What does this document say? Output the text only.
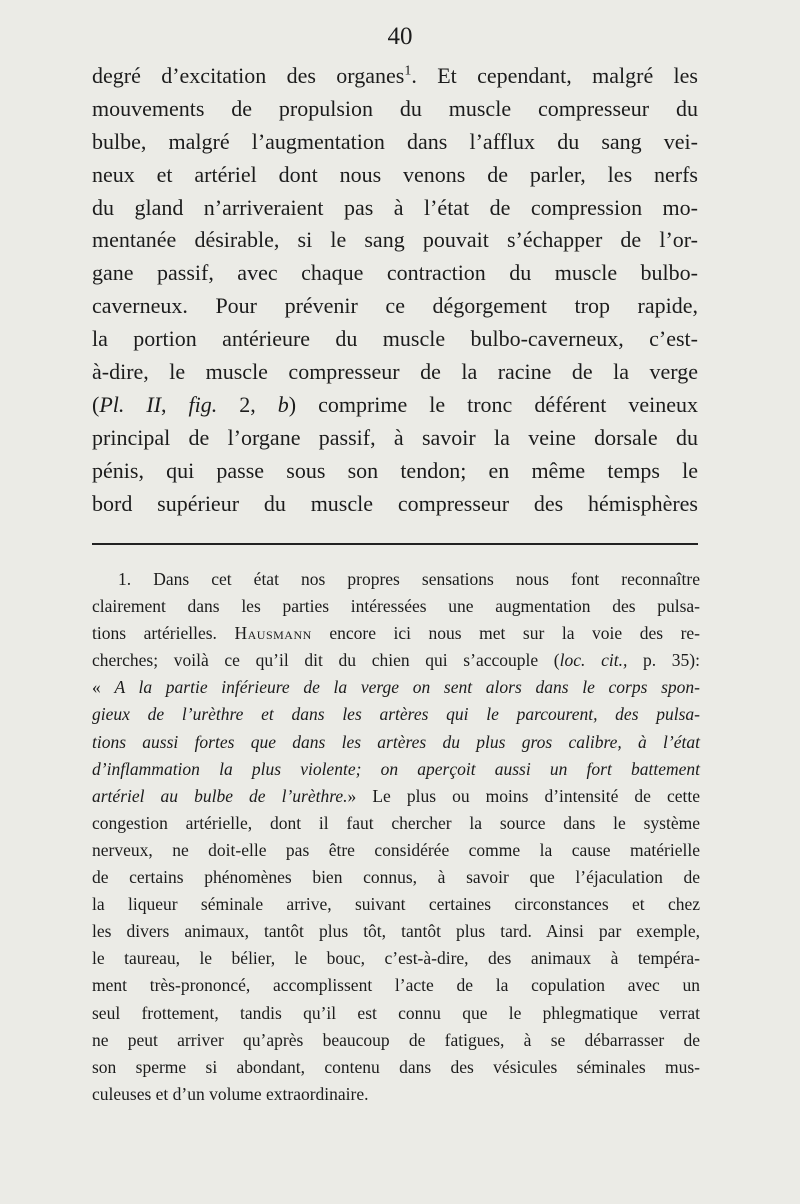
40
degré d’excitation des organes$^1$. Et cependant, malgré les
mouvements de propulsion du muscle compresseur du
bulbe, malgré l’augmentation dans l’afflux du sang vei-
neux et artériel dont nous venons de parler, les nerfs
du gland n’arriveraient pas à l’état de compression mo-
mentanée désirable, si le sang pouvait s’échapper de l’or-
gane passif, avec chaque contraction du muscle bulbo-
caverneux. Pour prévenir ce dégorgement trop rapide,
la portion antérieure du muscle bulbo-caverneux, c’est-
à-dire, le muscle compresseur de la racine de la verge
(Pl. II, fig. 2, b) comprime le tronc déférent veineux
principal de l’organe passif, à savoir la veine dorsale du
pénis, qui passe sous son tendon; en même temps le
bord supérieur du muscle compresseur des hémisphères
1. Dans cet état nos propres sensations nous font reconnaître
clairement dans les parties intéressées une augmentation des pulsa-
tions artérielles. Hausmann encore ici nous met sur la voie des re-
cherches; voilà ce qu’il dit du chien qui s’accouple (loc. cit., p. 35):
« A la partie inférieure de la verge on sent alors dans le corps spon-
gieux de l’urèthre et dans les artères qui le parcourent, des pulsa-
tions aussi fortes que dans les artères du plus gros calibre, à l’état
d’inflammation la plus violente; on aperçoit aussi un fort battement
artériel au bulbe de l’urèthre.» Le plus ou moins d’intensité de cette
congestion artérielle, dont il faut chercher la source dans le système
nerveux, ne doit-elle pas être considérée comme la cause matérielle
de certains phénomènes bien connus, à savoir que l’éjaculation de
la liqueur séminale arrive, suivant certaines circonstances et chez
les divers animaux, tantôt plus tôt, tantôt plus tard. Ainsi par exemple,
le taureau, le bélier, le bouc, c’est-à-dire, des animaux à tempéra-
ment très-prononcé, accomplissent l’acte de la copulation avec un
seul frottement, tandis qu’il est connu que le phlegmatique verrat
ne peut arriver qu’après beaucoup de fatigues, à se débarrasser de
son sperme si abondant, contenu dans des vésicules séminales mus-
culeuses et d’un volume extraordinaire.
